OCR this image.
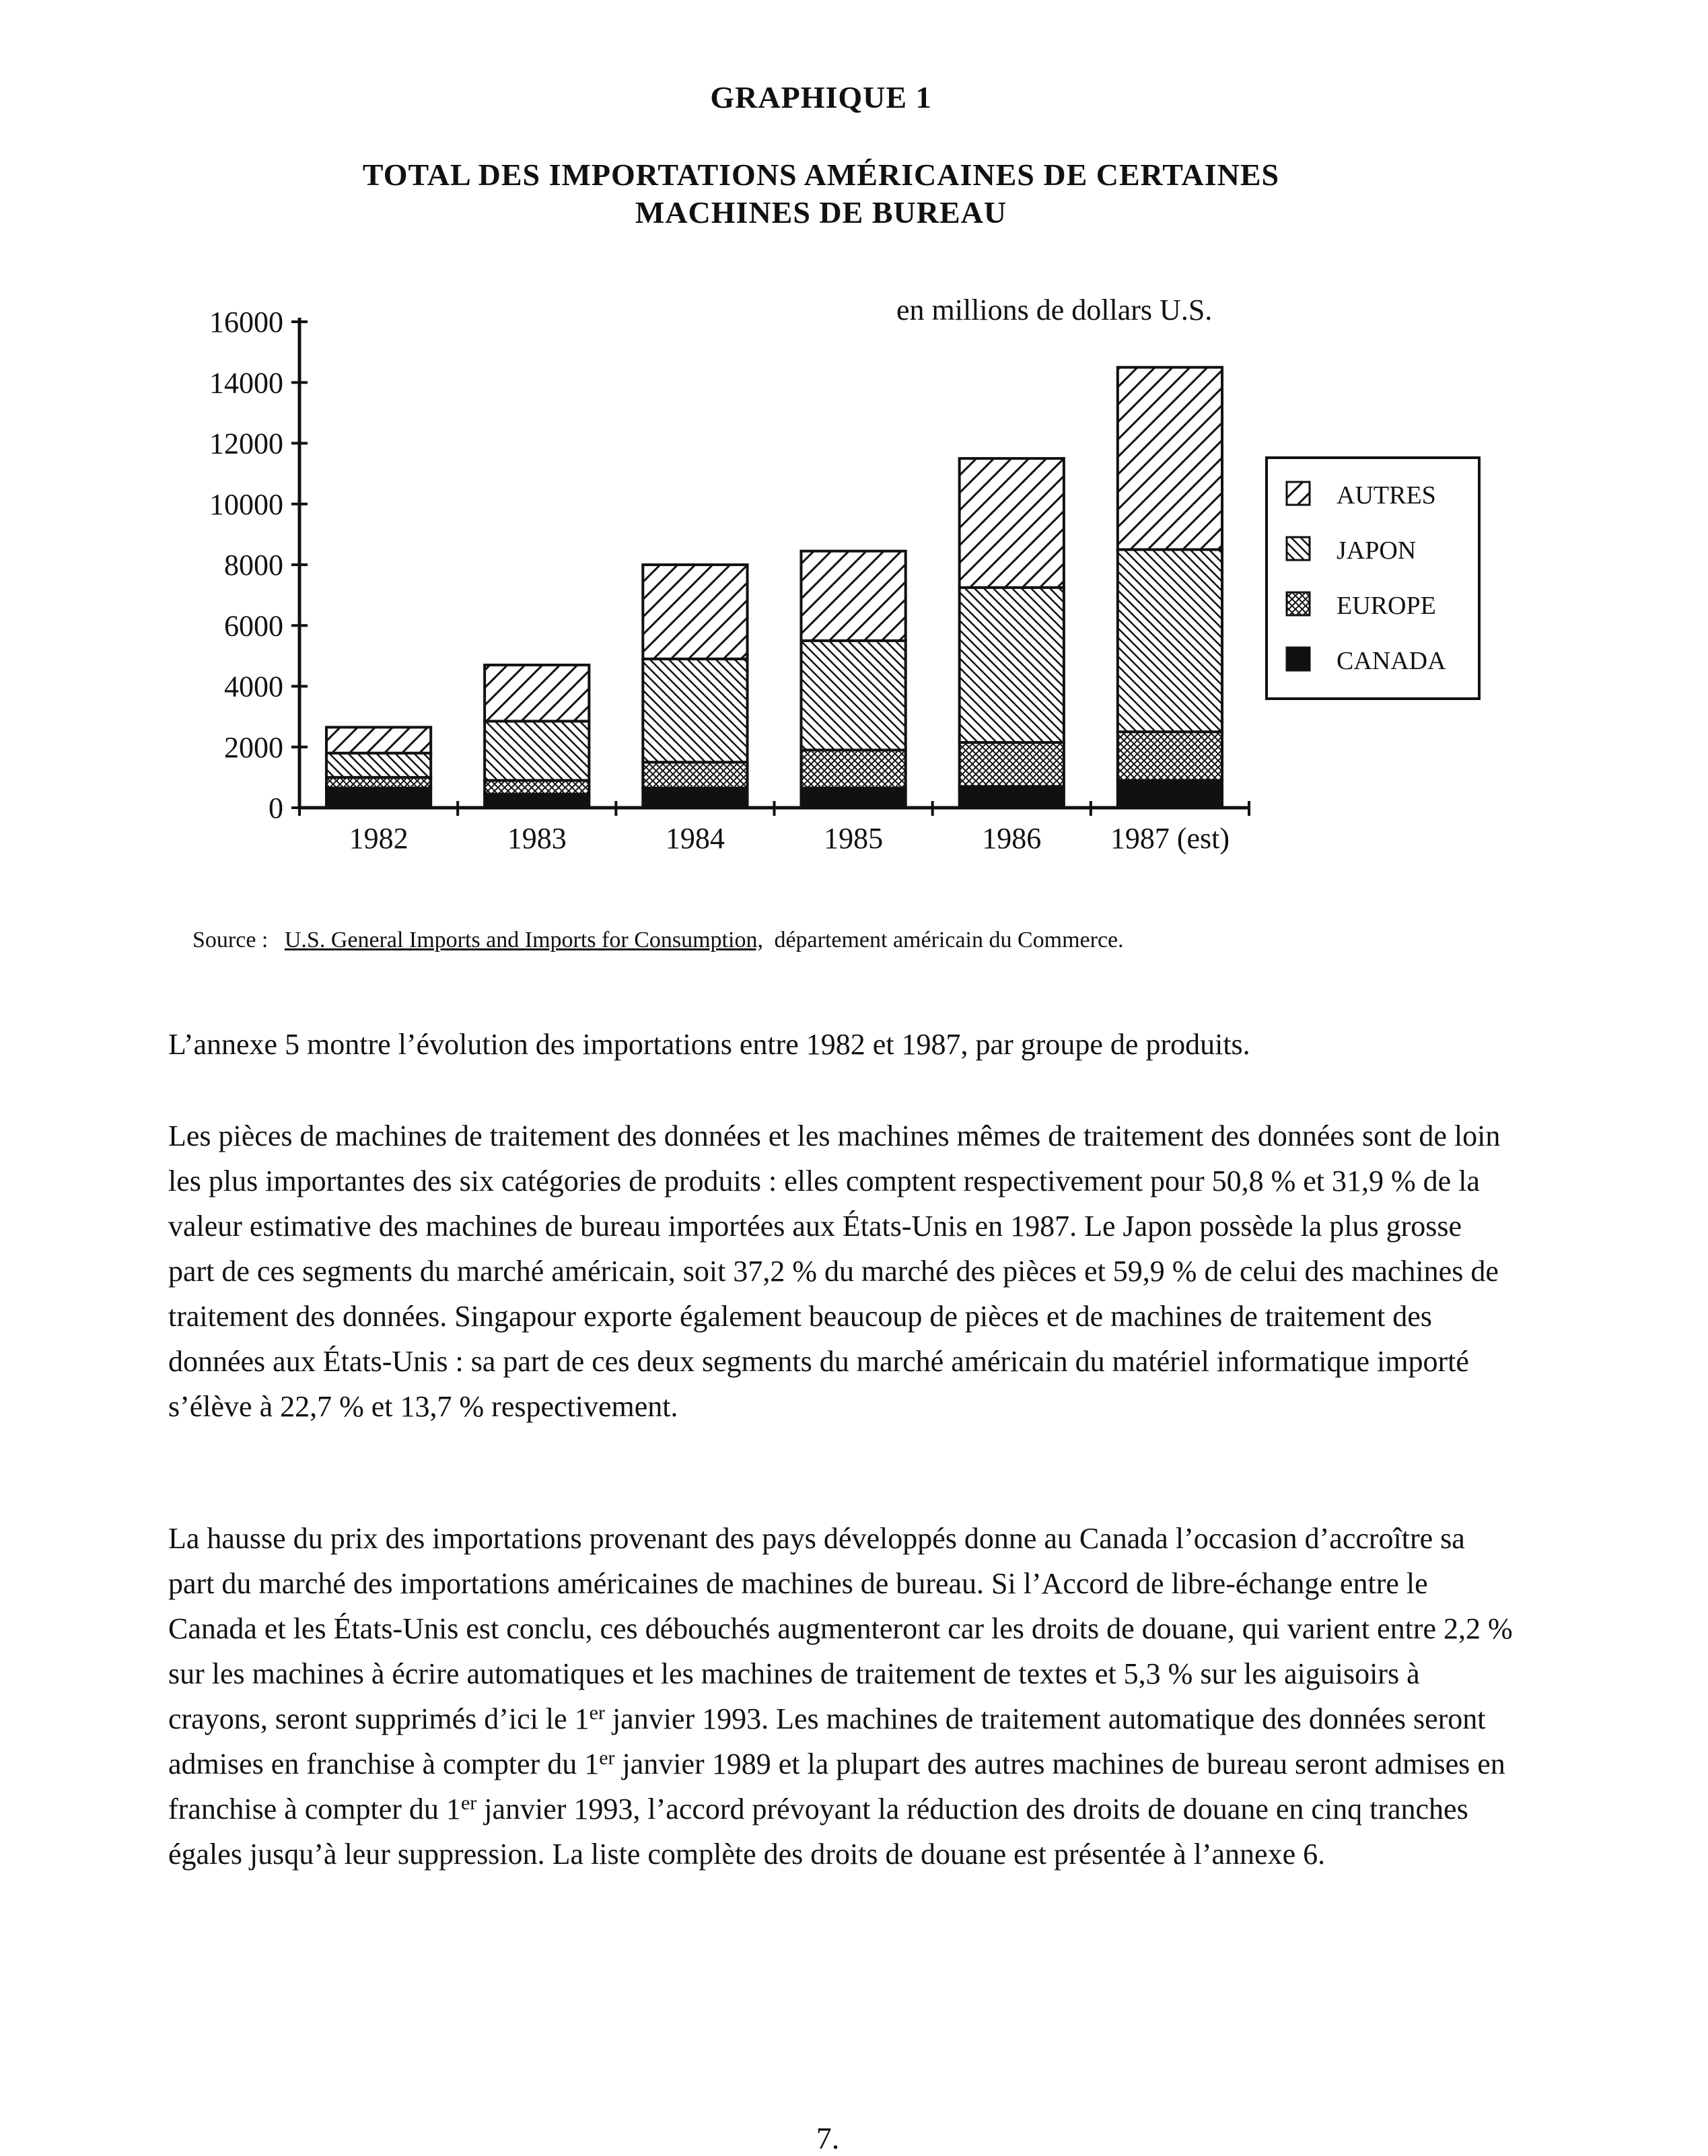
GRAPHIQUE 1
TOTAL DES IMPORTATIONS AMÉRICAINES DE CERTAINES
MACHINES DE BUREAU
en millions de dollars U.S.
0
2000
4000
6000
8000
10000
12000
14000
16000
1982	1983	1984	1985	1986 1987 (est)
AUTRES
JAPON
EUROPE
CANADA
Source : U.S. General Imports and Imports for Consumption, département américain du Commerce.

L’annexe 5 montre l’évolution des importations entre 1982 et 1987, par groupe de produits.

Les pièces de machines de traitement des données et les machines mêmes de traitement des données sont de loin les plus importantes des six catégories de produits : elles comptent respectivement pour 50,8 % et 31,9 % de la valeur estimative des machines de bureau importées aux États-Unis en 1987. Le Japon possède la plus grosse part de ces segments du marché américain, soit 37,2 % du marché des pièces et 59,9 % de celui des machines de traitement des données. Singapour exporte également beaucoup de pièces et de machines de traitement des données aux États-Unis : sa part de ces deux segments du marché américain du matériel informatique importé s’élève à 22,7 % et 13,7 % respectivement.

La hausse du prix des importations provenant des pays développés donne au Canada l’occasion d’accroître sa part du marché des importations américaines de machines de bureau. Si l’Accord de libre-échange entre le Canada et les États-Unis est conclu, ces débouchés augmenteront car les droits de douane, qui varient entre 2,2 % sur les machines à écrire automatiques et les machines de traitement de textes et 5,3 % sur les aiguisoirs à crayons, seront supprimés d’ici le 1er janvier 1993. Les machines de traitement automatique des données seront admises en franchise à compter du 1er janvier 1989 et la plupart des autres machines de bureau seront admises en franchise à compter du 1er janvier 1993, l’accord prévoyant la réduction des droits de douane en cinq tranches égales jusqu’à leur suppression. La liste complète des droits de douane est présentée à l’annexe 6.

7.
